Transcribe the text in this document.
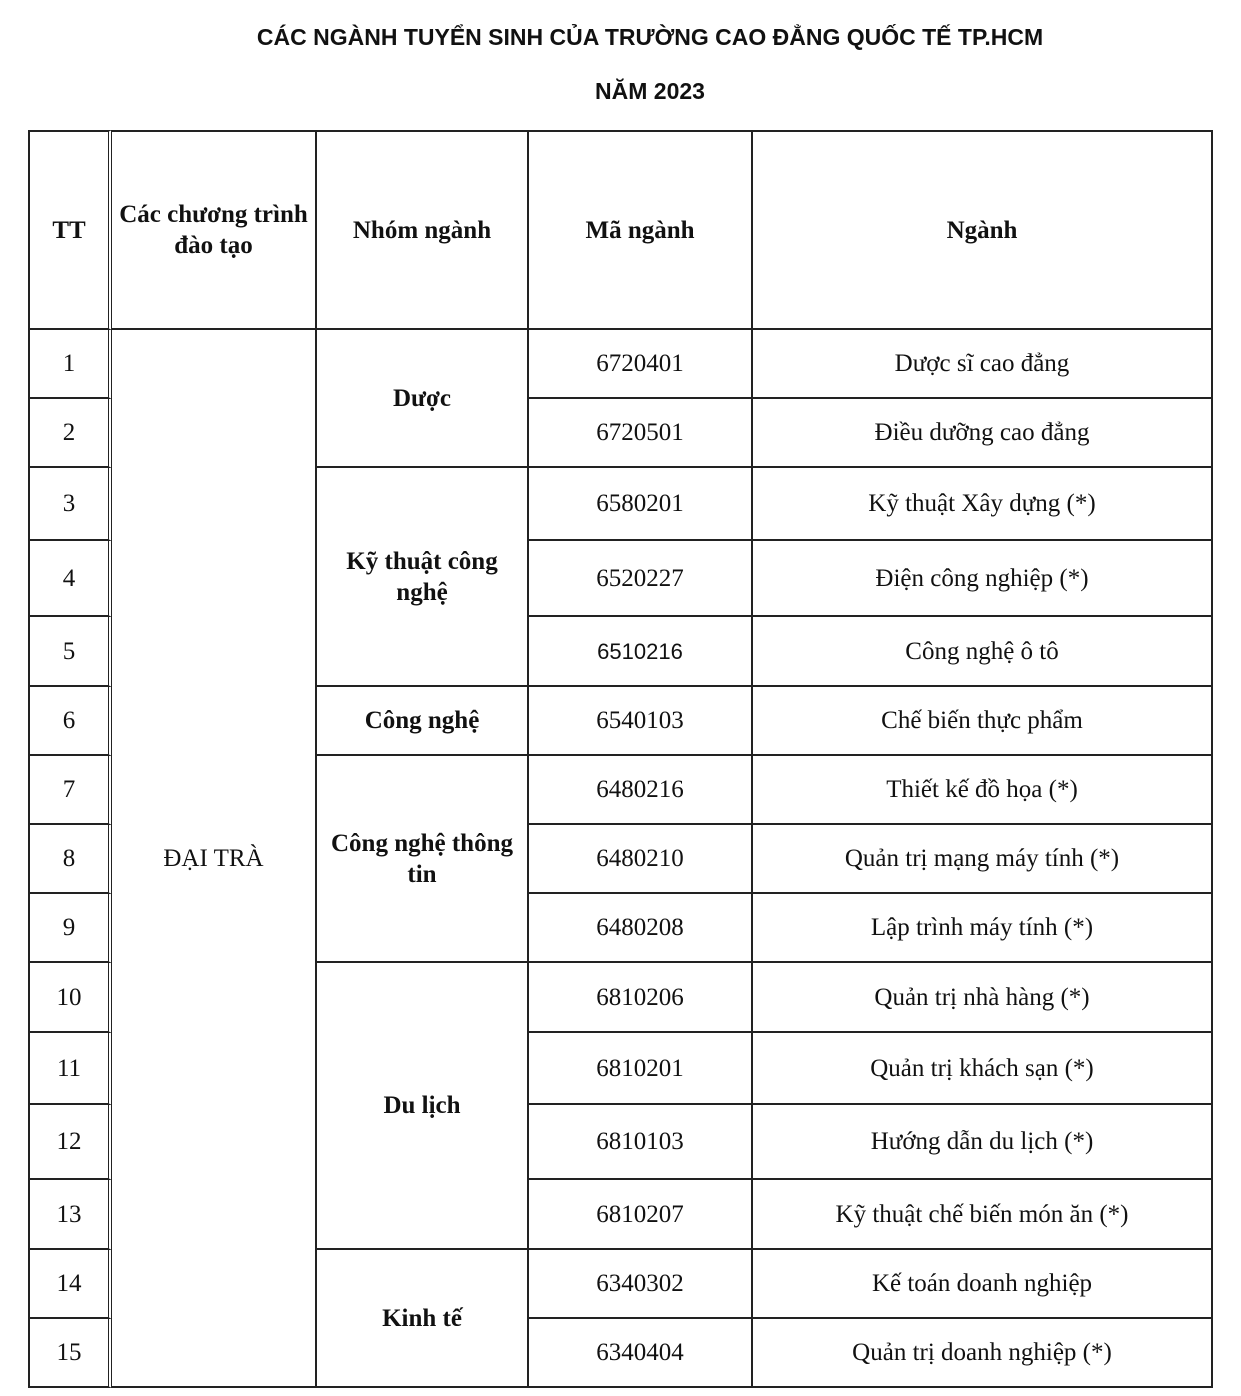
CÁC NGÀNH TUYỂN SINH CỦA TRƯỜNG CAO ĐẲNG QUỐC TẾ TP.HCM
NĂM 2023
TT	Các chương trình đào tạo	Nhóm ngành	Mã ngành	Ngành
1	ĐẠI TRÀ	Dược	6720401	Dược sĩ cao đẳng
2			6720501	Điều dưỡng cao đẳng
3		Kỹ thuật công nghệ	6580201	Kỹ thuật Xây dựng (*)
4			6520227	Điện công nghiệp (*)
5			6510216	Công nghệ ô tô
6		Công nghệ	6540103	Chế biến thực phẩm
7		Công nghệ thông tin	6480216	Thiết kế đồ họa (*)
8			6480210	Quản trị mạng máy tính (*)
9			6480208	Lập trình máy tính (*)
10		Du lịch	6810206	Quản trị nhà hàng (*)
11			6810201	Quản trị khách sạn (*)
12			6810103	Hướng dẫn du lịch (*)
13			6810207	Kỹ thuật chế biến món ăn (*)
14		Kinh tế	6340302	Kế toán doanh nghiệp
15			6340404	Quản trị doanh nghiệp (*)
